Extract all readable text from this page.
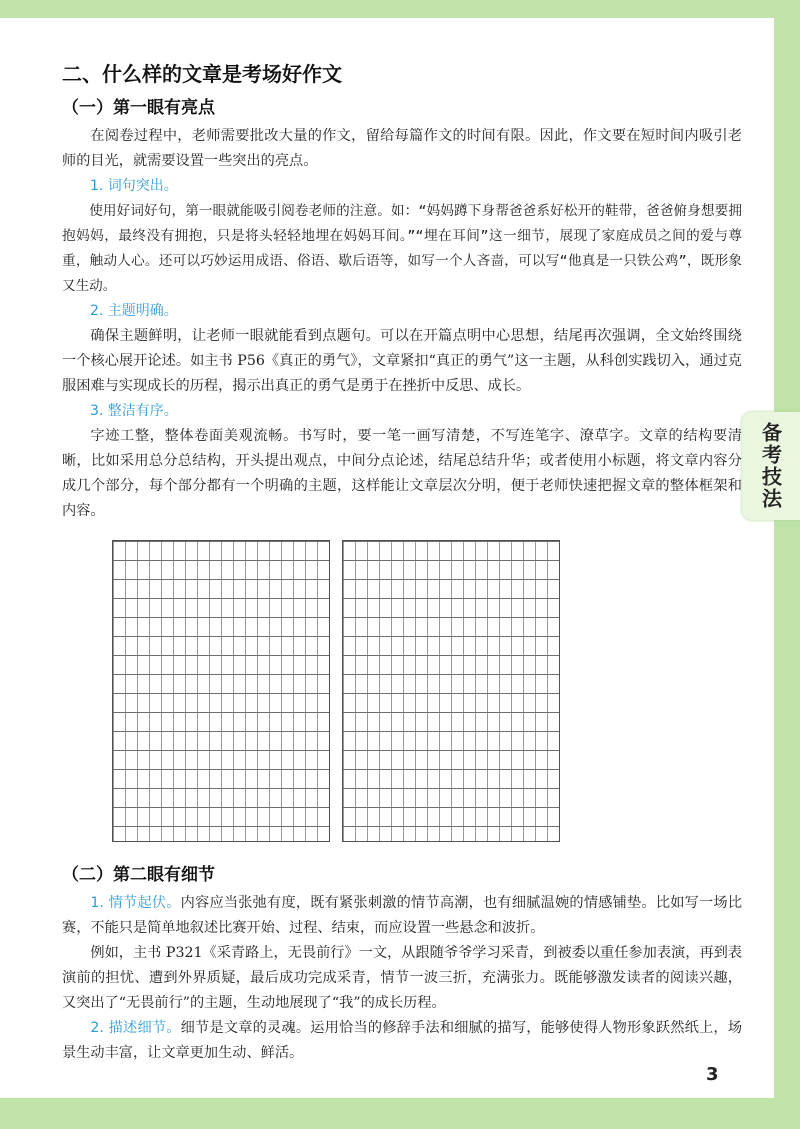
备考技法
二、什么样的文章是考场好作文
（一）第一眼有亮点

在阅卷过程中，老师需要批改大量的作文，留给每篇作文的时间有限。因此，作文要在短时间内吸引老师的目光，就需要设置一些突出的亮点。

1. 词句突出。

使用好词好句，第一眼就能吸引阅卷老师的注意。如：“妈妈蹲下身帮爸爸系好松开的鞋带，爸爸俯身想要拥抱妈妈，最终没有拥抱，只是将头轻轻地埋在妈妈耳间。”“埋在耳间”这一细节，展现了家庭成员之间的爱与尊重，触动人心。还可以巧妙运用成语、俗语、歇后语等，如写一个人吝啬，可以写“他真是一只铁公鸡”，既形象又生动。

2. 主题明确。

确保主题鲜明，让老师一眼就能看到点题句。可以在开篇点明中心思想，结尾再次强调，全文始终围绕一个核心展开论述。如主书 P56《真正的勇气》，文章紧扣“真正的勇气”这一主题，从科创实践切入，通过克服困难与实现成长的历程，揭示出真正的勇气是勇于在挫折中反思、成长。

3. 整洁有序。

字迹工整，整体卷面美观流畅。书写时，要一笔一画写清楚，不写连笔字、潦草字。文章的结构要清晰，比如采用总分总结构，开头提出观点，中间分点论述，结尾总结升华；或者使用小标题，将文章内容分成几个部分，每个部分都有一个明确的主题，这样能让文章层次分明，便于老师快速把握文章的整体框架和内容。

（二）第二眼有细节

1. 情节起伏。内容应当张弛有度，既有紧张刺激的情节高潮，也有细腻温婉的情感铺垫。比如写一场比赛，不能只是简单地叙述比赛开始、过程、结束，而应设置一些悬念和波折。

例如，主书 P321《采青路上，无畏前行》一文，从跟随爷爷学习采青，到被委以重任参加表演，再到表演前的担忧、遭到外界质疑，最后成功完成采青，情节一波三折，充满张力。既能够激发读者的阅读兴趣，又突出了“无畏前行”的主题，生动地展现了“我”的成长历程。

2. 描述细节。细节是文章的灵魂。运用恰当的修辞手法和细腻的描写，能够使得人物形象跃然纸上，场景生动丰富，让文章更加生动、鲜活。

3
